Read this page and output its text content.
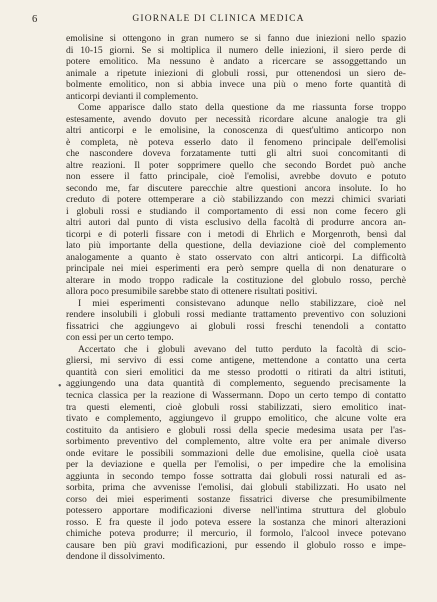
6	GIORNALE DI CLINICA MEDICA
emolisine si ottengono in gran numero se si fanno due iniezioni nello spazio
di 10-15 giorni. Se si moltiplica il numero delle iniezioni, il siero perde di
potere emolitico. Ma nessuno è andato a ricercare se assoggettando un
animale a ripetute iniezioni di globuli rossi, pur ottenendosi un siero de-
bolmente emolitico, non si abbia invece una più o meno forte quantità di
anticorpi devianti il complemento.
Come appariscе dallo stato della questione da me riassunta forse troppo
estesamente, avendo dovuto per necessità ricordare alcune analogie tra gli
altri anticorpi e le emolisine, la conoscenza di quest'ultimo anticorpo non
è completa, nè poteva esserlo dato il fenomeno principale dell'emolisi
che nascondere doveva forzatamente tutti gli altri suoi concomitanti di
altre reazioni. Il poter sopprimere quello che secondo Bordet può anche
non essere il fatto principale, cioè l'emolisi, avrebbe dovuto e potuto
secondo me, far discutere parecchie altre questioni ancora insolute. Io ho
creduto di potere ottemperare a ciò stabilizzando con mezzi chimici svariati
i globuli rossi e studiando il comportamento di essi non come fecero gli
altri autori dal punto di vista esclusivo della facoltà di produrre ancora an-
ticorpi e di poterli fissare con i metodi di Ehrlich e Morgenroth, bensì dal
lato più importante della questione, della deviazione cioè del complemento
analogamente a quanto è stato osservato con altri anticorpi. La difficoltà
principale nei miei esperimenti era però sempre quella di non denaturare o
alterare in modo troppo radicale la costituzione del globulo rosso, perchè
allora poco presumibile sarebbe stato di ottenere risultati positivi.
I miei esperimenti consistevano adunque nello stabilizzare, cioè nel
rendere insolubili i globuli rossi mediante trattamento preventivo con soluzioni
fissatrici che aggiungevo ai globuli rossi freschi tenendoli a contatto
con essi per un certo tempo.
Accertato che i globuli avevano del tutto perduto la facoltà di scio-
gliersi, mi servivo di essi come antigene, mettendone a contatto una certa
quantità con sieri emolitici da me stesso prodotti o ritirati da altri istituti,
aggiungendo una data quantità di complemento, seguendo precisamente la
tecnica classica per la reazione di Wassermann. Dopo un certo tempo di contatto
tra questi elementi, cioè globuli rossi stabilizzati, siero emolitico inat-
tivato e complemento, aggiungevo il gruppo emolitico, che alcune volte era
costituito da antisiero e globuli rossi della specie medesima usata per l'as-
sorbimento preventivo del complemento, altre volte era per animale diverso
onde evitare le possibili sommazioni delle due emolisine, quella cioè usata
per la deviazione e quella per l'emolisi, o per impedire che la emolisina
aggiunta in secondo tempo fosse sottratta dai globuli rossi naturali ed as-
sorbita, prima che avvenisse l'emolisi, dai globuli stabilizzati. Ho usato nel
corso dei miei esperimenti sostanze fissatrici diverse che presumibilmente
potessero apportare modificazioni diverse nell'intima struttura del globulo
rosso. E fra queste il jodo poteva essere la sostanza che minori alterazioni
chimiche poteva produrre; il mercurio, il formolo, l'alcool invece potevano
causare ben più gravi modificazioni, pur essendo il globulo rosso e impe-
dendone il dissolvimento.
•
